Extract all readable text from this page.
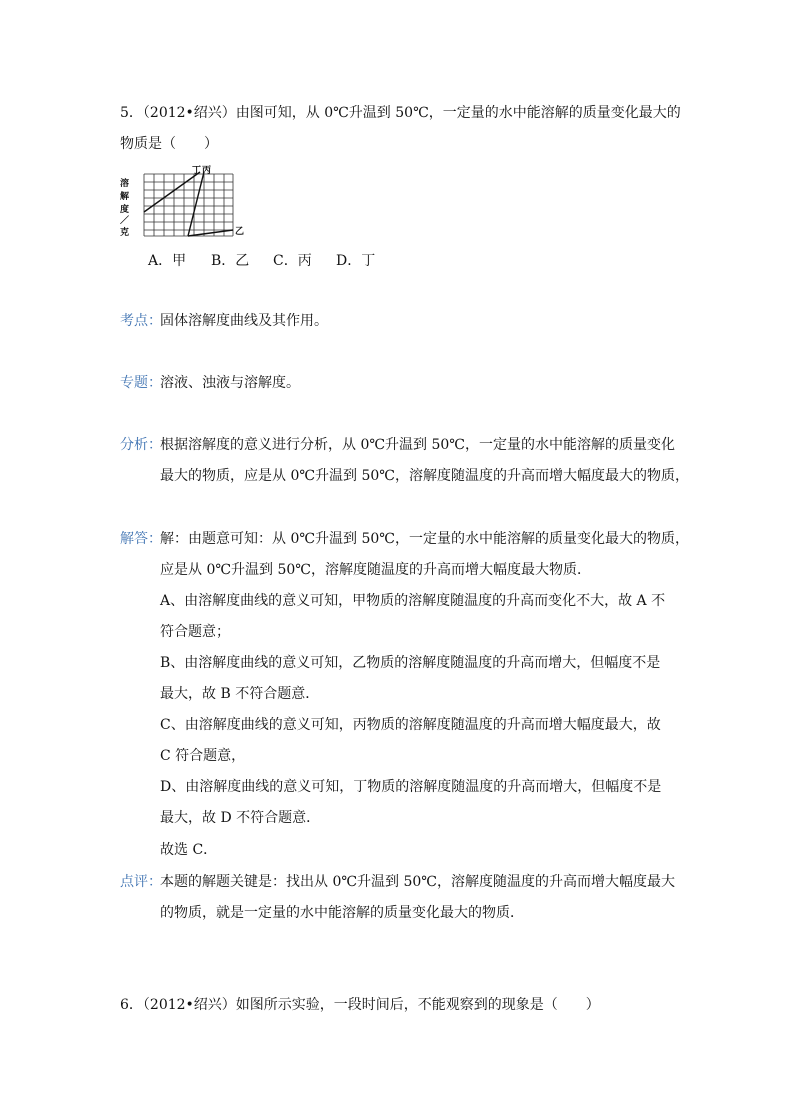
5．（2012•绍兴）由图可知，从 0℃升温到 50℃，一定量的水中能溶解的质量变化最大的
物质是（　　）
溶
解
度
／
克
丁 丙
乙
A．甲 B．乙 C．丙 D．丁
考点：
固体溶解度曲线及其作用。
专题：
溶液、浊液与溶解度。
分析：
根据溶解度的意义进行分析，从 0℃升温到 50℃，一定量的水中能溶解的质量变化
最大的物质，应是从 0℃升温到 50℃，溶解度随温度的升高而增大幅度最大的物质，
解答：
解：由题意可知：从 0℃升温到 50℃，一定量的水中能溶解的质量变化最大的物质，
应是从 0℃升温到 50℃，溶解度随温度的升高而增大幅度最大物质．
A、由溶解度曲线的意义可知，甲物质的溶解度随温度的升高而变化不大，故 A 不
符合题意；
B、由溶解度曲线的意义可知，乙物质的溶解度随温度的升高而增大，但幅度不是
最大，故 B 不符合题意．
C、由溶解度曲线的意义可知，丙物质的溶解度随温度的升高而增大幅度最大，故
C 符合题意，
D、由溶解度曲线的意义可知，丁物质的溶解度随温度的升高而增大，但幅度不是
最大，故 D 不符合题意．
故选 C．
点评：
本题的解题关键是：找出从 0℃升温到 50℃，溶解度随温度的升高而增大幅度最大
的物质，就是一定量的水中能溶解的质量变化最大的物质．
6．（2012•绍兴）如图所示实验，一段时间后，不能观察到的现象是（　　）
